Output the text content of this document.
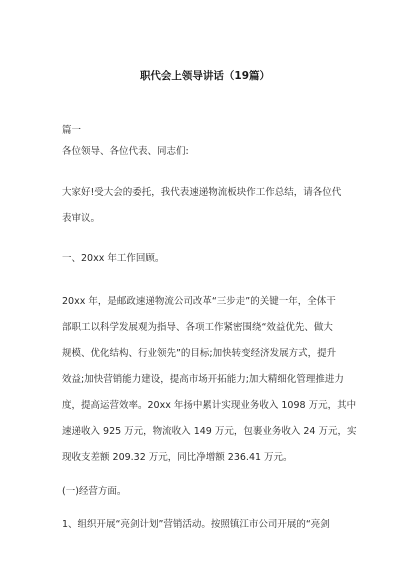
职代会上领导讲话（19篇）
篇一
各位领导、各位代表、同志们:
大家好!受大会的委托，我代表速递物流板块作工作总结，请各位代
表审议。
一、20xx 年工作回顾。
20xx 年，是邮政速递物流公司改革“三步走”的关键一年，全体干
部职工以科学发展观为指导、各项工作紧密围绕“效益优先、做大
规模、优化结构、行业领先”的目标;加快转变经济发展方式，提升
效益;加快营销能力建设，提高市场开拓能力;加大精细化管理推进力
度，提高运营效率。20xx 年扬中累计实现业务收入 1098 万元，其中
速递收入 925 万元，物流收入 149 万元，包裹业务收入 24 万元，实
现收支差额 209.32 万元，同比净增额 236.41 万元。
(一)经营方面。
1、组织开展“亮剑计划”营销活动。按照镇江市公司开展的“亮剑
